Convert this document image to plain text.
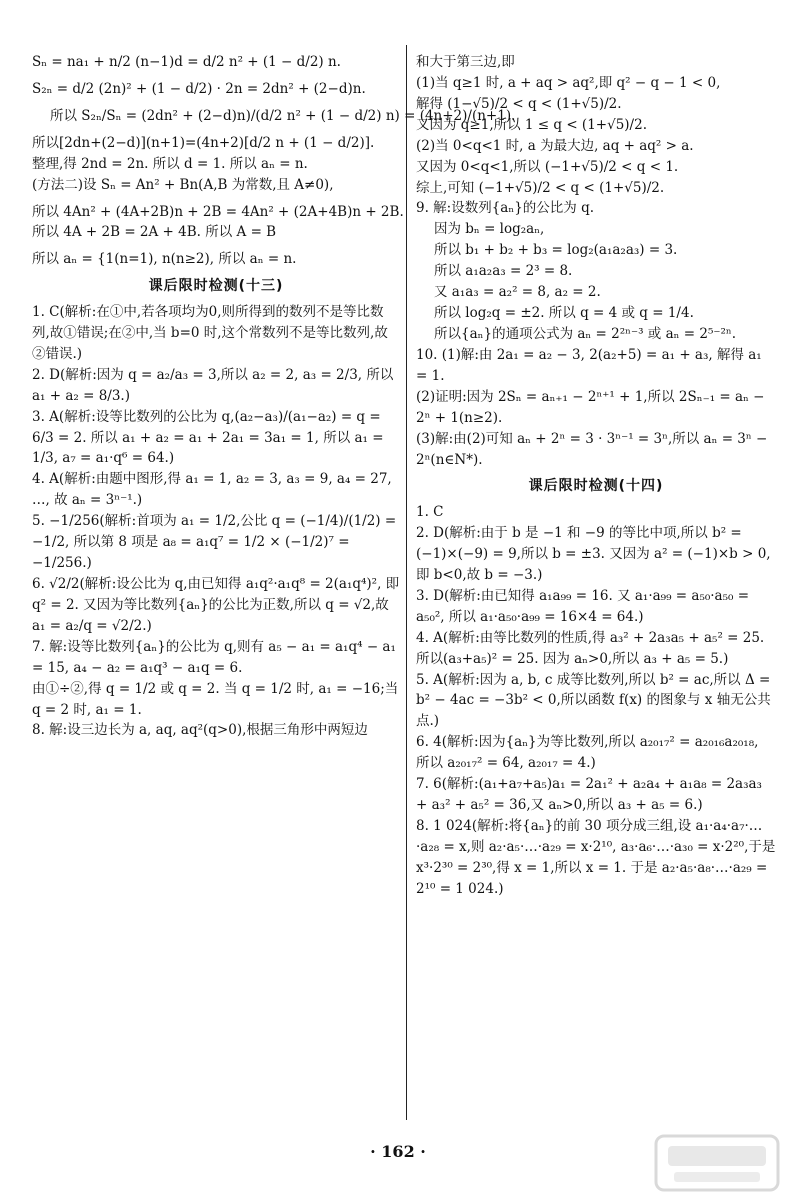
Sₙ = na₁ + n/2 (n−1)d = d/2 n² + (1 − d/2) n.
S₂ₙ = d/2 (2n)² + (1 − d/2) · 2n = 2dn² + (2−d)n.
所以 S₂ₙ/Sₙ = (2dn² + (2−d)n)/(d/2 n² + (1 − d/2) n) = (4n+2)/(n+1).
所以[2dn+(2−d)](n+1)=(4n+2)[d/2 n + (1 − d/2)].
整理,得 2nd = 2n. 所以 d = 1. 所以 aₙ = n.
(方法二)设 Sₙ = An² + Bn(A,B 为常数,且 A≠0),
所以 4An² + (4A+2B)n + 2B = 4An² + (2A+4B)n + 2B.
所以 4A + 2B = 2A + 4B. 所以 A = B
所以 aₙ = {1(n=1), n(n≥2), 所以 aₙ = n.
课后限时检测(十三)
1. C(解析:在①中,若各项均为0,则所得到的数列不是等比数列,故①错误;在②中,当 b=0 时,这个常数列不是等比数列,故②错误.)
2. D(解析:因为 q = a₂/a₃ = 3,所以 a₂ = 2, a₃ = 2/3, 所以 a₁ + a₂ = 8/3.)
3. A(解析:设等比数列的公比为 q,(a₂−a₃)/(a₁−a₂) = q = 6/3 = 2. 所以 a₁ + a₂ = a₁ + 2a₁ = 3a₁ = 1, 所以 a₁ = 1/3, a₇ = a₁·q⁶ = 64.)
4. A(解析:由题中图形,得 a₁ = 1, a₂ = 3, a₃ = 9, a₄ = 27, …, 故 aₙ = 3ⁿ⁻¹.)
5. −1/256(解析:首项为 a₁ = 1/2,公比 q = (−1/4)/(1/2) = −1/2, 所以第 8 项是 a₈ = a₁q⁷ = 1/2 × (−1/2)⁷ = −1/256.)
6. √2/2(解析:设公比为 q,由已知得 a₁q²·a₁q⁸ = 2(a₁q⁴)², 即 q² = 2. 又因为等比数列{aₙ}的公比为正数,所以 q = √2,故 a₁ = a₂/q = √2/2.)
7. 解:设等比数列{aₙ}的公比为 q,则有 a₅ − a₁ = a₁q⁴ − a₁ = 15, a₄ − a₂ = a₁q³ − a₁q = 6.
由①÷②,得 q = 1/2 或 q = 2. 当 q = 1/2 时, a₁ = −16;当 q = 2 时, a₁ = 1.
8. 解:设三边长为 a, aq, aq²(q>0),根据三角形中两短边
和大于第三边,即
(1)当 q≥1 时, a + aq > aq²,即 q² − q − 1 < 0,
解得 (1−√5)/2 < q < (1+√5)/2.
又因为 q≥1,所以 1 ≤ q < (1+√5)/2.
(2)当 0<q<1 时, a 为最大边, aq + aq² > a.
又因为 0<q<1,所以 (−1+√5)/2 < q < 1.
综上,可知 (−1+√5)/2 < q < (1+√5)/2.
9. 解:设数列{aₙ}的公比为 q.
因为 bₙ = log₂aₙ,
所以 b₁ + b₂ + b₃ = log₂(a₁a₂a₃) = 3.
所以 a₁a₂a₃ = 2³ = 8.
又 a₁a₃ = a₂² = 8, a₂ = 2.
所以 log₂q = ±2. 所以 q = 4 或 q = 1/4.
所以{aₙ}的通项公式为 aₙ = 2²ⁿ⁻³ 或 aₙ = 2⁵⁻²ⁿ.
10. (1)解:由 2a₁ = a₂ − 3, 2(a₂+5) = a₁ + a₃, 解得 a₁ = 1.
(2)证明:因为 2Sₙ = aₙ₊₁ − 2ⁿ⁺¹ + 1,所以 2Sₙ₋₁ = aₙ − 2ⁿ + 1(n≥2).
(3)解:由(2)可知 aₙ + 2ⁿ = 3 · 3ⁿ⁻¹ = 3ⁿ,所以 aₙ = 3ⁿ − 2ⁿ(n∈N*).
课后限时检测(十四)
1. C
2. D(解析:由于 b 是 −1 和 −9 的等比中项,所以 b² = (−1)×(−9) = 9,所以 b = ±3. 又因为 a² = (−1)×b > 0,即 b<0,故 b = −3.)
3. D(解析:由已知得 a₁a₉₉ = 16. 又 a₁·a₉₉ = a₅₀·a₅₀ = a₅₀², 所以 a₁·a₅₀·a₉₉ = 16×4 = 64.)
4. A(解析:由等比数列的性质,得 a₃² + 2a₃a₅ + a₅² = 25. 所以(a₃+a₅)² = 25. 因为 aₙ>0,所以 a₃ + a₅ = 5.)
5. A(解析:因为 a, b, c 成等比数列,所以 b² = ac,所以 Δ = b² − 4ac = −3b² < 0,所以函数 f(x) 的图象与 x 轴无公共点.)
6. 4(解析:因为{aₙ}为等比数列,所以 a₂₀₁₇² = a₂₀₁₆a₂₀₁₈, 所以 a₂₀₁₇² = 64, a₂₀₁₇ = 4.)
7. 6(解析:(a₁+a₇+a₅)a₁ = 2a₁² + a₂a₄ + a₁a₈ = 2a₃a₃ + a₃² + a₅² = 36,又 aₙ>0,所以 a₃ + a₅ = 6.)
8. 1 024(解析:将{aₙ}的前 30 项分成三组,设 a₁·a₄·a₇·…·a₂₈ = x,则 a₂·a₅·…·a₂₉ = x·2¹⁰, a₃·a₆·…·a₃₀ = x·2²⁰,于是 x³·2³⁰ = 2³⁰,得 x = 1,所以 x = 1. 于是 a₂·a₅·a₈·…·a₂₉ = 2¹⁰ = 1 024.)
· 162 ·
